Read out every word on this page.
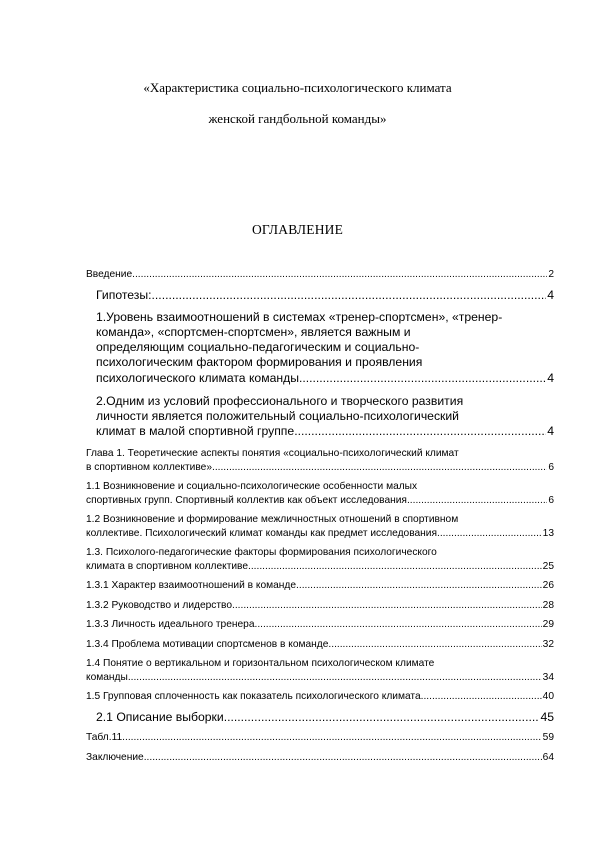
«Характеристика социально-психологического климата
женской гандбольной команды»
ОГЛАВЛЕНИЕ
Введение .....	2
Гипотезы: .....	4
1.Уровень взаимоотношений в системах «тренер-спортсмен», «тренер-
команда», «спортсмен-спортсмен», является важным и
определяющим социально-педагогическим и социально-
психологическим фактором формирования и проявления
психологического климата команды .....	4
2.Одним из условий профессионального и творческого развития
личности является положительный социально-психологический
климат в малой спортивной группе .....	4
Глава 1. Теоретические аспекты понятия «социально-психологический климат
в спортивном коллективе» .....	6
1.1 Возникновение и социально-психологические особенности малых
спортивных групп. Спортивный коллектив как объект исследования .....	6
1.2 Возникновение и формирование межличностных отношений в спортивном
коллективе. Психологический климат команды как предмет исследования .....	13
1.3. Психолого-педагогические факторы формирования психологического
климата в спортивном коллективе .....	25
1.3.1 Характер взаимоотношений в команде .....	26
1.3.2 Руководство и лидерство .....	28
1.3.3 Личность идеального тренера .....	29
1.3.4 Проблема мотивации спортсменов в команде .....	32
1.4 Понятие о вертикальном и горизонтальном психологическом климате
команды .....	34
1.5 Групповая сплоченность как показатель психологического климата .....	40
2.1 Описание выборки .....	45
Табл.11 .....	59
Заключение .....	64
